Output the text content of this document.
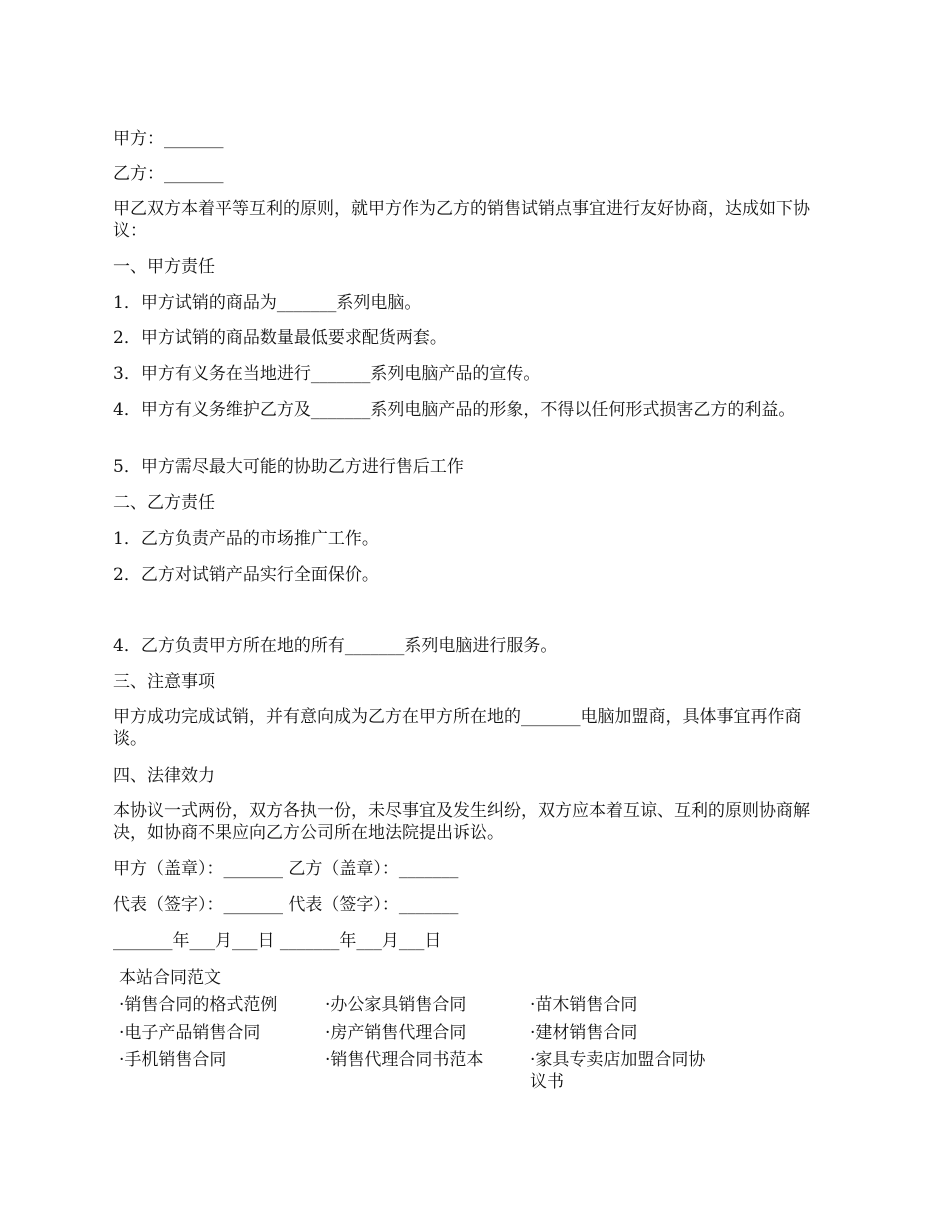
甲方：_______
乙方：_______
甲乙双方本着平等互利的原则，就甲方作为乙方的销售试销点事宜进行友好协商，达成如下协议：
一、甲方责任
1．甲方试销的商品为_______系列电脑。
2．甲方试销的商品数量最低要求配货两套。
3．甲方有义务在当地进行_______系列电脑产品的宣传。
4．甲方有义务维护乙方及_______系列电脑产品的形象，不得以任何形式损害乙方的利益。
5．甲方需尽最大可能的协助乙方进行售后工作
二、乙方责任
1．乙方负责产品的市场推广工作。
2．乙方对试销产品实行全面保价。
4．乙方负责甲方所在地的所有_______系列电脑进行服务。
三、注意事项
甲方成功完成试销，并有意向成为乙方在甲方所在地的_______电脑加盟商，具体事宜再作商谈。
四、法律效力
本协议一式两份，双方各执一份，未尽事宜及发生纠纷，双方应本着互谅、互利的原则协商解决，如协商不果应向乙方公司所在地法院提出诉讼。
甲方（盖章）：_______ 乙方（盖章）：_______
代表（签字）：_______ 代表（签字）：_______
_______年___月___日 _______年___月___日
本站合同范文
·销售合同的格式范例	·办公家具销售合同	·苗木销售合同
·电子产品销售合同	·房产销售代理合同	·建材销售合同
·手机销售合同	·销售代理合同书范本	·家具专卖店加盟合同协议书
